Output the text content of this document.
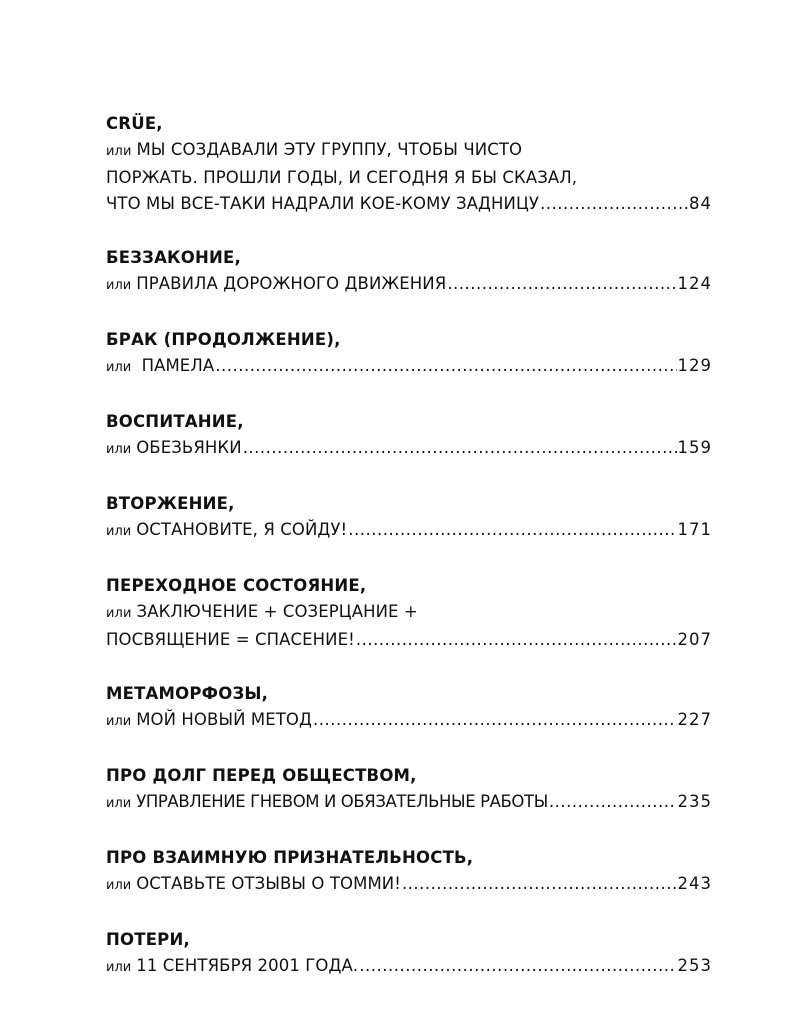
CRÜE,
или МЫ СОЗДАВАЛИ ЭТУ ГРУППУ, ЧТОБЫ ЧИСТО
ПОРЖАТЬ. ПРОШЛИ ГОДЫ, И СЕГОДНЯ Я БЫ СКАЗАЛ,
ЧТО МЫ ВСЕ-ТАКИ НАДРАЛИ КОЕ-КОМУ ЗАДНИЦУ .....	84
БЕЗЗАКОНИЕ,
или ПРАВИЛА ДОРОЖНОГО ДВИЖЕНИЯ .....	124
БРАК (ПРОДОЛЖЕНИЕ),
или ПАМЕЛА .....	129
ВОСПИТАНИЕ,
или ОБЕЗЬЯНКИ .....	159
ВТОРЖЕНИЕ,
или ОСТАНОВИТЕ, Я СОЙДУ! .....	171
ПЕРЕХОДНОЕ СОСТОЯНИЕ,
или ЗАКЛЮЧЕНИЕ + СОЗЕРЦАНИЕ +
ПОСВЯЩЕНИЕ = СПАСЕНИЕ! .....	207
МЕТАМОРФОЗЫ,
или МОЙ НОВЫЙ МЕТОД .....	227
ПРО ДОЛГ ПЕРЕД ОБЩЕСТВОМ,
или УПРАВЛЕНИЕ ГНЕВОМ И ОБЯЗАТЕЛЬНЫЕ РАБОТЫ .....	235
ПРО ВЗАИМНУЮ ПРИЗНАТЕЛЬНОСТЬ,
или ОСТАВЬТЕ ОТЗЫВЫ О ТОММИ! .....	243
ПОТЕРИ,
или 11 СЕНТЯБРЯ 2001 ГОДА. .....	253
